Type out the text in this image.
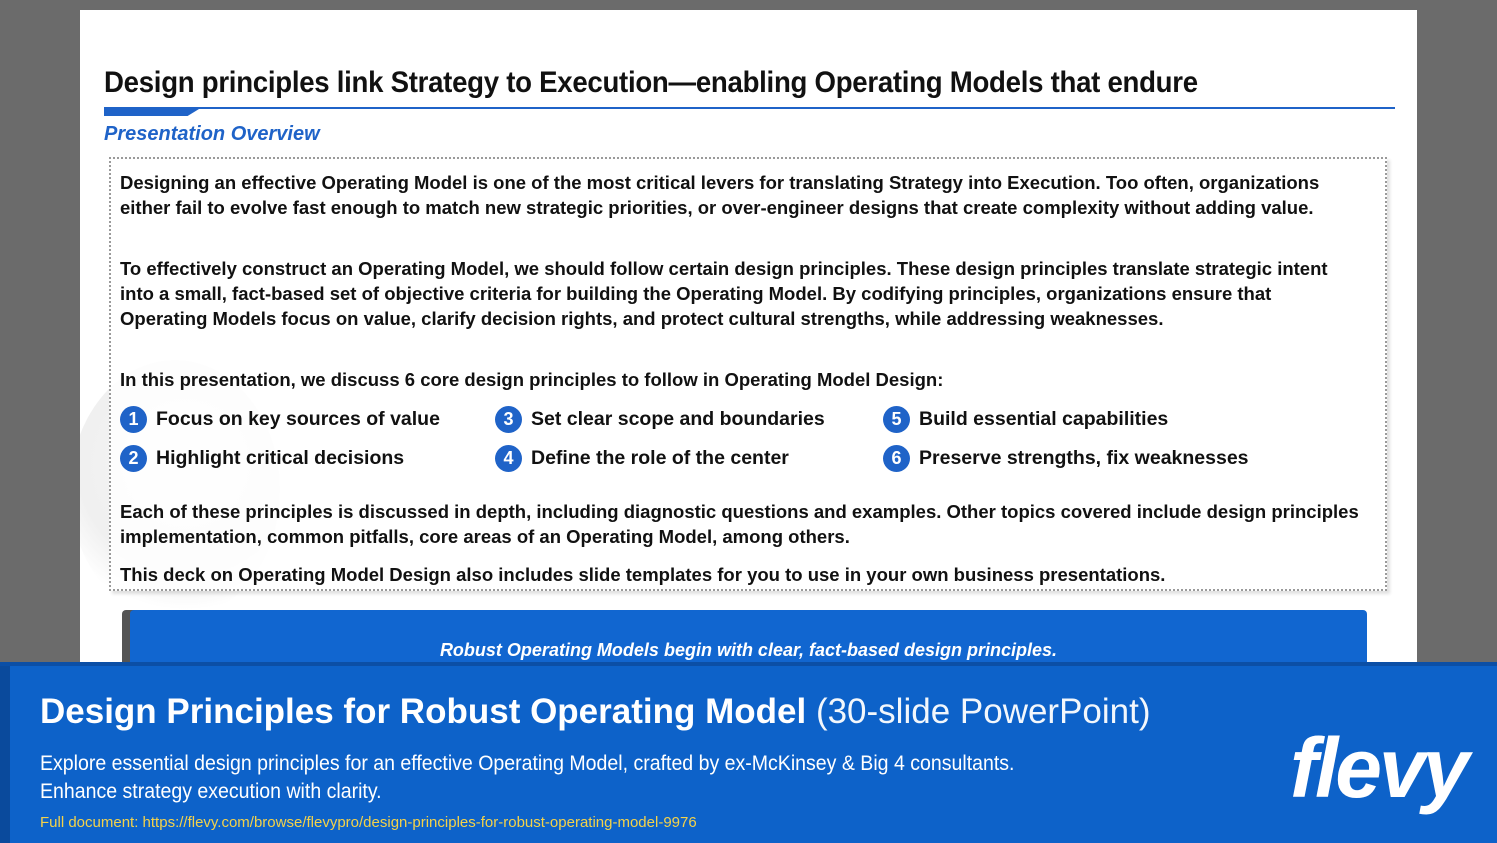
Design principles link Strategy to Execution—enabling Operating Models that endure
Presentation Overview

Designing an effective Operating Model is one of the most critical levers for translating Strategy into Execution. Too often, organizations either fail to evolve fast enough to match new strategic priorities, or over-engineer designs that create complexity without adding value.

To effectively construct an Operating Model, we should follow certain design principles. These design principles translate strategic intent into a small, fact-based set of objective criteria for building the Operating Model. By codifying principles, organizations ensure that Operating Models focus on value, clarify decision rights, and protect cultural strengths, while addressing weaknesses.

In this presentation, we discuss 6 core design principles to follow in Operating Model Design:

1 Focus on key sources of value
2 Highlight critical decisions
3 Set clear scope and boundaries
4 Define the role of the center
5 Build essential capabilities
6 Preserve strengths, fix weaknesses

Each of these principles is discussed in depth, including diagnostic questions and examples. Other topics covered include design principles implementation, common pitfalls, core areas of an Operating Model, among others.

This deck on Operating Model Design also includes slide templates for you to use in your own business presentations.

Robust Operating Models begin with clear, fact-based design principles.
Design Principles for Robust Operating Model (30-slide PowerPoint)
Explore essential design principles for an effective Operating Model, crafted by ex-McKinsey & Big 4 consultants.
Enhance strategy execution with clarity.
Full document: https://flevy.com/browse/flevypro/design-principles-for-robust-operating-model-9976
flevy
